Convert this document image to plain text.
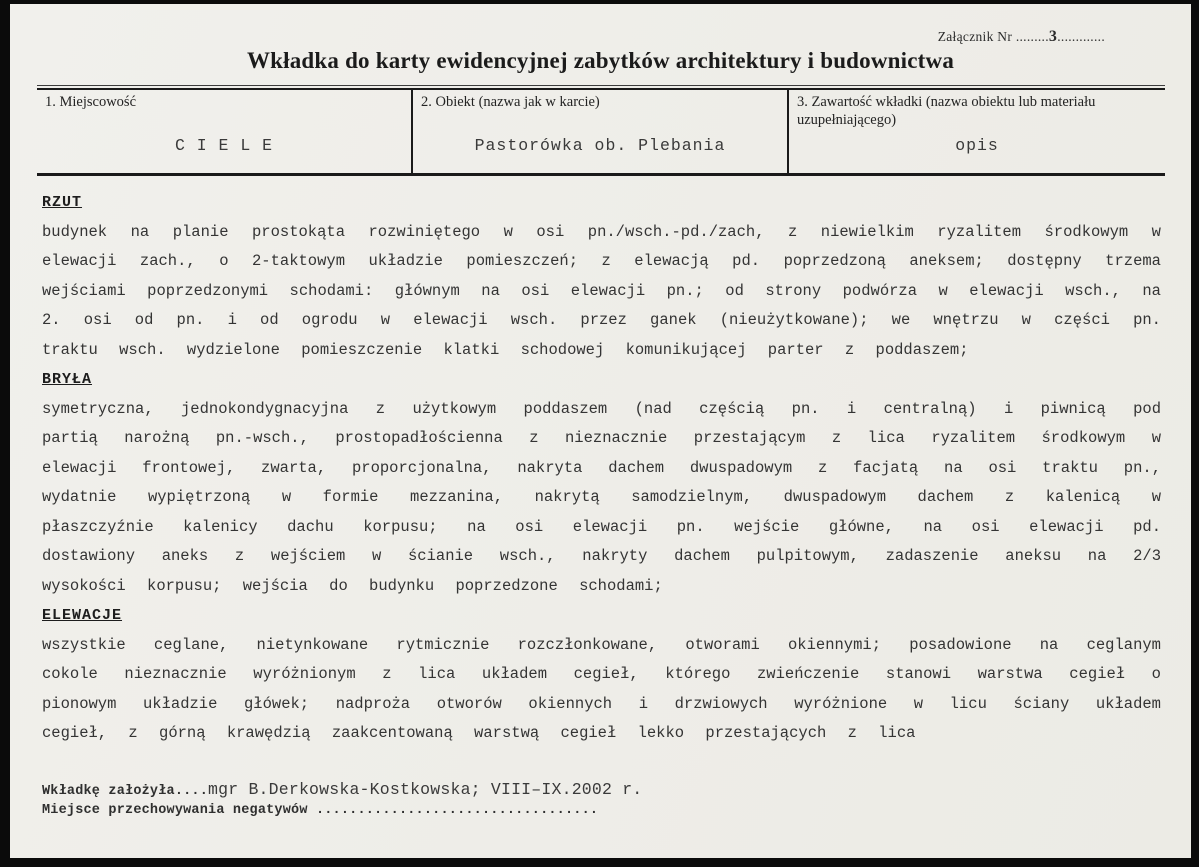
Załącznik Nr .........3.............
Wkładka do karty ewidencyjnej zabytków architektury i budownictwa
1. Miejscowość
C I E L E
2. Obiekt (nazwa jak w karcie)
Pastorówka ob. Plebania
3. Zawartość wkładki (nazwa obiektu lub materiału uzupełniającego)
opis
RZUT

budynek na planie prostokąta rozwiniętego w osi pn./wsch.-pd./zach, z niewielkim ryzalitem środkowym w elewacji zach., o 2-taktowym układzie pomieszczeń; z elewacją pd. poprzedzoną aneksem; dostępny trzema wejściami poprzedzonymi schodami: głównym na osi elewacji pn.; od strony podwórza w elewacji wsch., na 2. osi od pn. i od ogrodu w elewacji wsch. przez ganek (nieużytkowane); we wnętrzu w części pn. traktu wsch. wydzielone pomieszczenie klatki schodowej komunikującej parter z poddaszem;

BRYŁA

symetryczna, jednokondygnacyjna z użytkowym poddaszem (nad częścią pn. i centralną) i piwnicą pod partią narożną pn.-wsch., prostopadłościenna z nieznacznie przestającym z lica ryzalitem środkowym w elewacji frontowej, zwarta, proporcjonalna, nakryta dachem dwuspadowym z facjatą na osi traktu pn., wydatnie wypiętrzoną w formie mezzanina, nakrytą samodzielnym, dwuspadowym dachem z kalenicą w płaszczyźnie kalenicy dachu korpusu; na osi elewacji pn. wejście główne, na osi elewacji pd. dostawiony aneks z wejściem w ścianie wsch., nakryty dachem pulpitowym, zadaszenie aneksu na 2/3 wysokości korpusu; wejścia do budynku poprzedzone schodami;

ELEWACJE

wszystkie ceglane, nietynkowane rytmicznie rozczłonkowane, otworami okiennymi; posadowione na ceglanym cokole nieznacznie wyróżnionym z lica układem cegieł, którego zwieńczenie stanowi warstwa cegieł o pionowym układzie główek; nadproża otworów okiennych i drzwiowych wyróżnione w licu ściany układem cegieł, z górną krawędzią zaakcentowaną warstwą cegieł lekko przestających z lica

Wkładkę założyła....mgr B.Derkowska-Kostkowska; VIII–IX.2002 r.
Miejsce przechowywania negatywów ..................................
